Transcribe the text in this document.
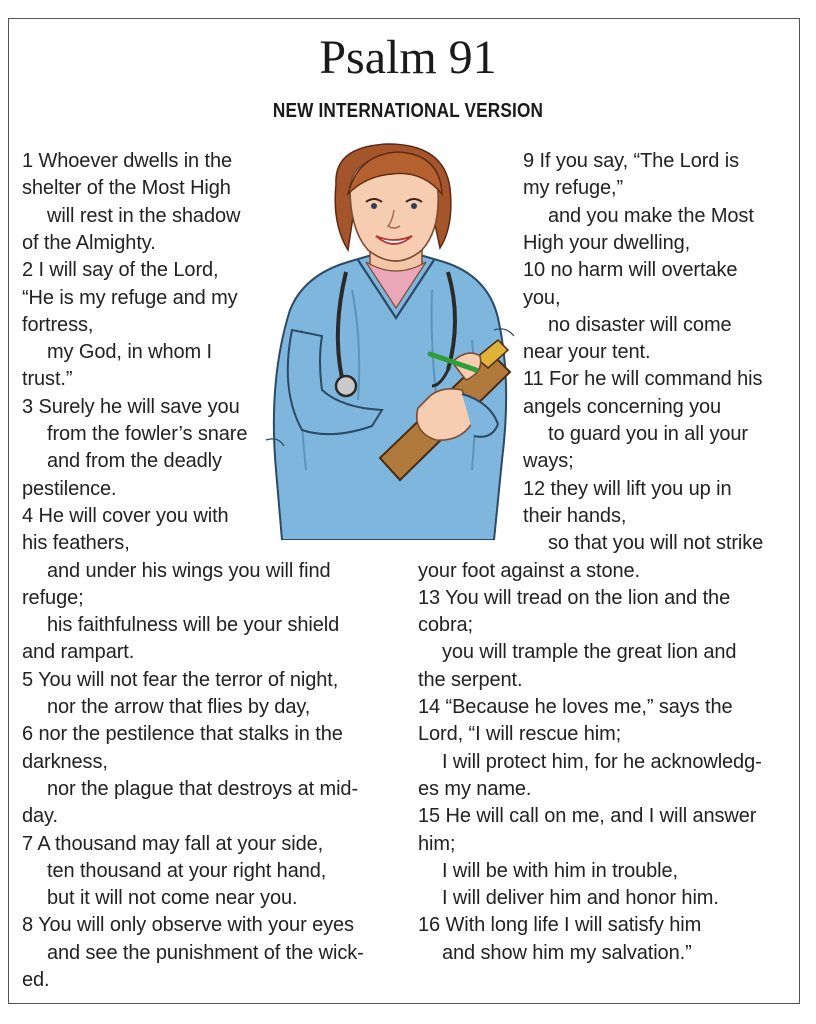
Psalm 91
NEW INTERNATIONAL VERSION
1 Whoever dwells in the
shelter of the Most High
will rest in the shadow
of the Almighty.
2 I will say of the Lord,
“He is my refuge and my
fortress,
my God, in whom I
trust.”
3 Surely he will save you
from the fowler’s snare
and from the deadly
pestilence.
4 He will cover you with
his feathers,
and under his wings you will find
refuge;
his faithfulness will be your shield
and rampart.
5 You will not fear the terror of night,
nor the arrow that flies by day,
6 nor the pestilence that stalks in the
darkness,
nor the plague that destroys at mid-
day.
7 A thousand may fall at your side,
ten thousand at your right hand,
but it will not come near you.
8 You will only observe with your eyes
and see the punishment of the wick-
ed.
9 If you say, “The Lord is
my refuge,”
and you make the Most
High your dwelling,
10 no harm will overtake
you,
no disaster will come
near your tent.
11 For he will command his
angels concerning you
to guard you in all your
ways;
12 they will lift you up in
their hands,
so that you will not strike
your foot against a stone.
13 You will tread on the lion and the
cobra;
you will trample the great lion and
the serpent.
14 “Because he loves me,” says the
Lord, “I will rescue him;
I will protect him, for he acknowledg-
es my name.
15 He will call on me, and I will answer
him;
I will be with him in trouble,
I will deliver him and honor him.
16 With long life I will satisfy him
and show him my salvation.”
